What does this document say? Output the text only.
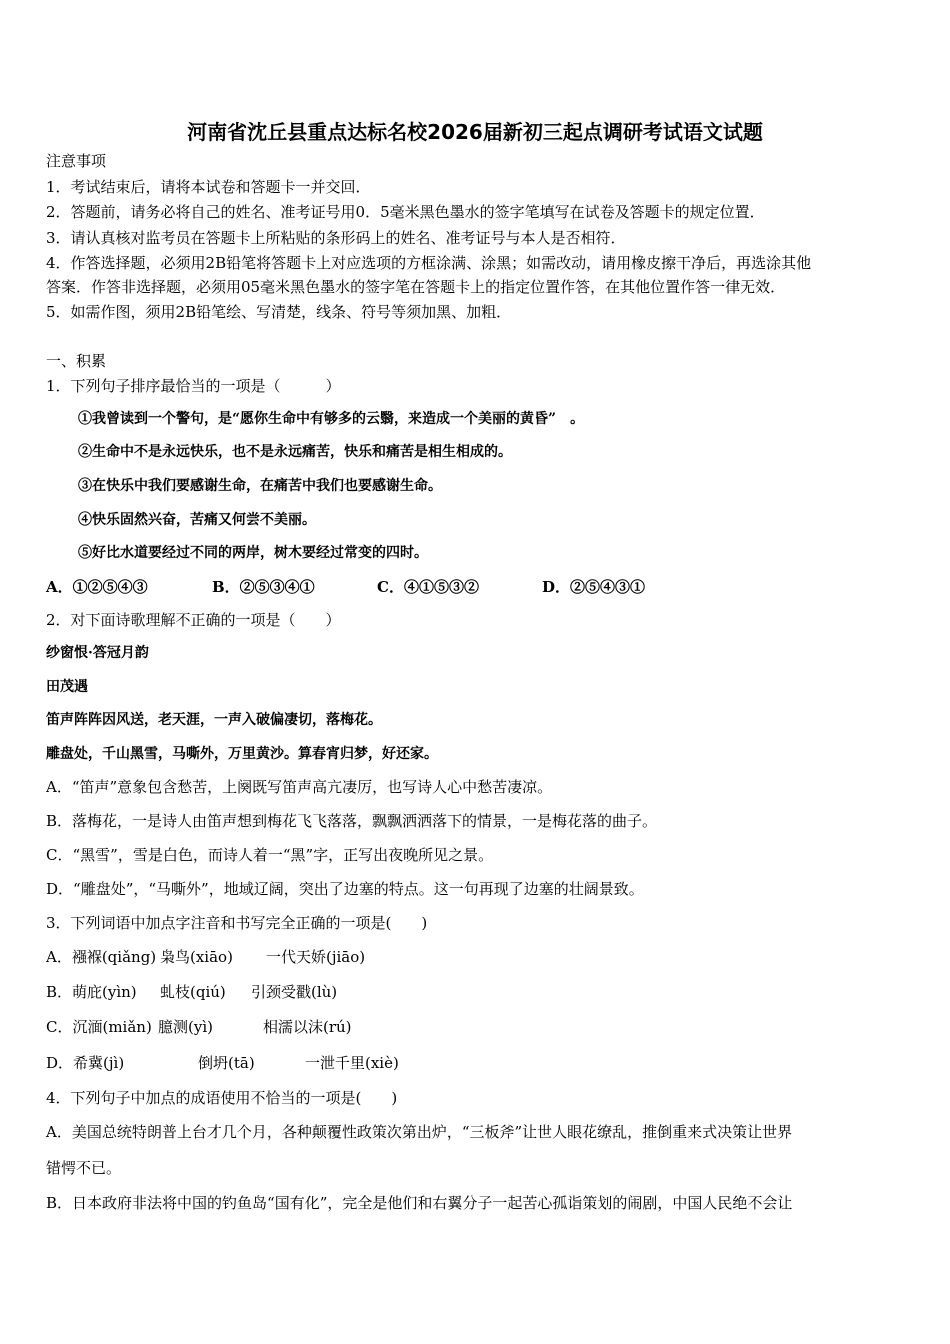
河南省沈丘县重点达标名校2026届新初三起点调研考试语文试题
注意事项
1．考试结束后，请将本试卷和答题卡一并交回．
2．答题前，请务必将自己的姓名、准考证号用0．5毫米黑色墨水的签字笔填写在试卷及答题卡的规定位置．
3．请认真核对监考员在答题卡上所粘贴的条形码上的姓名、准考证号与本人是否相符．
4．作答选择题，必须用2B铅笔将答题卡上对应选项的方框涂满、涂黑；如需改动，请用橡皮擦干净后，再选涂其他
答案．作答非选择题，必须用05毫米黑色墨水的签字笔在答题卡上的指定位置作答，在其他位置作答一律无效．
5．如需作图，须用2B铅笔绘、写清楚，线条、符号等须加黑、加粗．
一、积累
1．下列句子排序最恰当的一项是（　　　）
①我曾读到一个警句，是“愿你生命中有够多的云翳，来造成一个美丽的黄昏”　。
②生命中不是永远快乐，也不是永远痛苦，快乐和痛苦是相生相成的。
③在快乐中我们要感谢生命，在痛苦中我们也要感谢生命。
④快乐固然兴奋，苦痛又何尝不美丽。
⑤好比水道要经过不同的两岸，树木要经过常变的四时。
A．①②⑤④③	B．②⑤③④①	C．④①⑤③②	D．②⑤④③①
2．对下面诗歌理解不正确的一项是（　　）
纱窗恨·答冠月韵
田茂遇
笛声阵阵因风送，老天涯，一声入破偏凄切，落梅花。
雕盘处，千山黑雪，马嘶外，万里黄沙。算春宵归梦，好还家。
A．“笛声”意象包含愁苦，上阕既写笛声高亢凄厉，也写诗人心中愁苦凄凉。
B．落梅花，一是诗人由笛声想到梅花飞飞落落，飘飘洒洒落下的情景，一是梅花落的曲子。
C．“黑雪”，雪是白色，而诗人着一“黑”字，正写出夜晚所见之景。
D．“雕盘处”，“马嘶外”，地域辽阔，突出了边塞的特点。这一句再现了边塞的壮阔景致。
3．下列词语中加点字注音和书写完全正确的一项是(　　)
A．襁褓(qiǎng) 枭鸟(xiāo) 一代天娇(jiāo)
B．萌庇(yìn) 虬枝(qiú) 引颈受戳(lù)
C．沉湎(miǎn) 臆测(yì)	相濡以沫(rú)
D．希冀(jì)	倒坍(tā)	一泄千里(xiè)
4．下列句子中加点的成语使用不恰当的一项是(　　)
A．美国总统特朗普上台才几个月，各种颠覆性政策次第出炉，“三板斧”让世人眼花缭乱，推倒重来式决策让世界
错愕不已。
B．日本政府非法将中国的钓鱼岛“国有化”，完全是他们和右翼分子一起苦心孤诣策划的闹剧，中国人民绝不会让
